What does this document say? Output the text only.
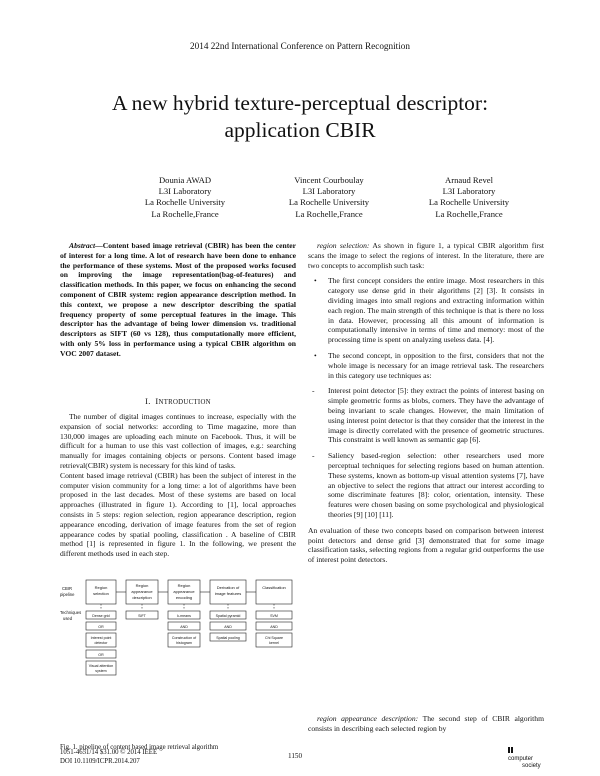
2014 22nd International Conference on Pattern Recognition
A new hybrid texture-perceptual descriptor:
application CBIR
Dounia AWAD
L3I Laboratory
La Rochelle University
La Rochelle,France
Vincent Courboulay
L3I Laboratory
La Rochelle University
La Rochelle,France
Arnaud Revel
L3I Laboratory
La Rochelle University
La Rochelle,France
Abstract—Content based image retrieval (CBIR) has been the center of interest for a long time. A lot of research have been done to enhance the performance of these systems. Most of the proposed works focused on improving the image representation(bag-of-features) and classification methods. In this paper, we focus on enhancing the second component of CBIR system: region appearance description method. In this context, we propose a new descriptor describing the spatial frequency property of some perceptual features in the image. This descriptor has the advantage of being lower dimension vs. traditional descriptors as SIFT (60 vs 128), thus computationally more efficient, with only 5% loss in performance using a typical CBIR algorithm on VOC 2007 dataset.
I. INTRODUCTION

The number of digital images continues to increase, especially with the expansion of social networks: according to Time magazine, more than 130,000 images are uploading each minute on Facebook. Thus, it will be difficult for a human to use this vast collection of images, e.g.: searching manually for images containing objects or persons. Content based image retrieval(CBIR) system is necessary for this kind of tasks.

Content based image retrieval (CBIR) has been the subject of interest in the computer vision community for a long time: a lot of algorithms have been proposed in the last decades. Most of these systems are based on local approaches (illustrated in figure 1). According to [1], local approaches consists in 5 steps: region selection, region appearance description, region appearance encoding, derivation of image features from the set of region appearance codes by spatial pooling, classification . A baseline of CBIR method [1] is represented in figure 1. In the following, we present the different methods used in each step.

CBIR
pipeline
Techniques
used
Region
selection
Region
appearance
description
Region
appearance
encoding
Derivation of
image features
Classification
Dense grid
OR
Interest point
detector
OR
Visual attention
system
SIFT	k-means
AND
Construction of
histogram
Spatial pyramid
AND
Spatial pooling
SVM
AND
Chi Square
kernel
Fig. 1. pipeline of content based image retrieval algorithm

region selection: As shown in figure 1, a typical CBIR algorithm first scans the image to select the regions of interest. In the literature, there are two concepts to accomplish such task:

• The first concept considers the entire image. Most researchers in this category use dense grid in their algorithms [2] [3]. It consists in dividing images into small regions and extracting information within each region. The main strength of this technique is that is there no loss in data. However, processing all this amount of information is computationally intensive in terms of time and memory: most of the processing time is spent on analyzing useless data. [4].
• The second concept, in opposition to the first, considers that not the whole image is necessary for an image retrieval task. The researchers in this category use techniques as:
- Interest point detector [5]: they extract the points of interest basing on simple geometric forms as blobs, corners. They have the advantage of being invariant to scale changes. However, the main limitation of using interest point detector is that they consider that the interest in the image is directly correlated with the presence of geometric structures. This constraint is well known as semantic gap [6].
- Saliency based-region selection: other researchers used more perceptual techniques for selecting regions based on human attention. These systems, known as bottom-up visual attention systems [7], have an objective to select the regions that attract our interest according to some discriminate features [8]: color, orientation, intensity. These features were chosen basing on some psychological and physiological theories [9] [10] [11].

An evaluation of these two concepts based on comparison between interest point detectors and dense grid [3] demonstrated that for some image classification tasks, selecting regions from a regular grid outperforms the use of interest point detectors.

region appearance description: The second step of CBIR algorithm consists in describing each selected region by

1051-4651/14 $31.00 © 2014 IEEE
DOI 10.1109/ICPR.2014.207
1150	computer
society
